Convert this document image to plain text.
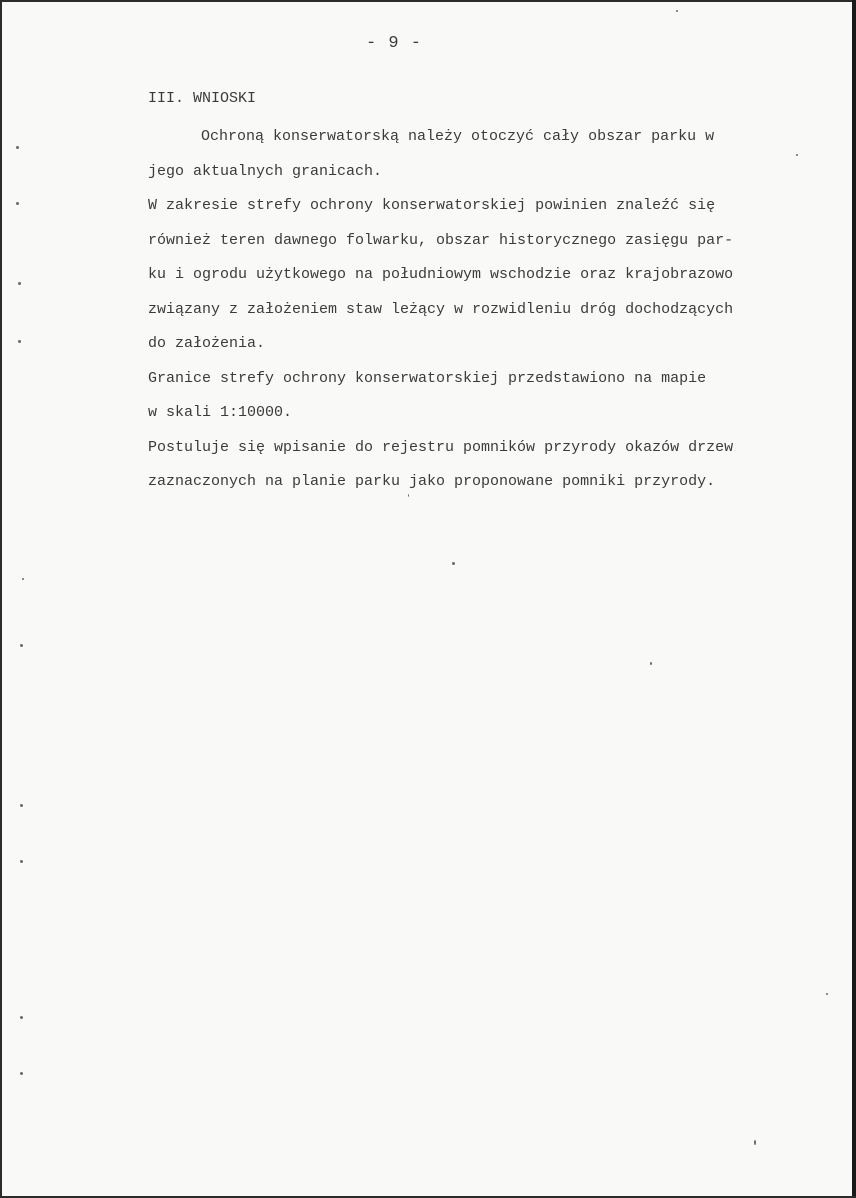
- 9 -
III. WNIOSKI
Ochroną konserwatorską należy otoczyć cały obszar parku w
jego aktualnych granicach.
W zakresie strefy ochrony konserwatorskiej powinien znaleźć się
również teren dawnego folwarku, obszar historycznego zasięgu par-
ku i ogrodu użytkowego na południowym wschodzie oraz krajobrazowo
związany z założeniem staw leżący w rozwidleniu dróg dochodzących
do założenia.
Granice strefy ochrony konserwatorskiej przedstawiono na mapie
w skali 1:10000.
Postuluje się wpisanie do rejestru pomników przyrody okazów drzew
zaznaczonych na planie parku jako proponowane pomniki przyrody.
